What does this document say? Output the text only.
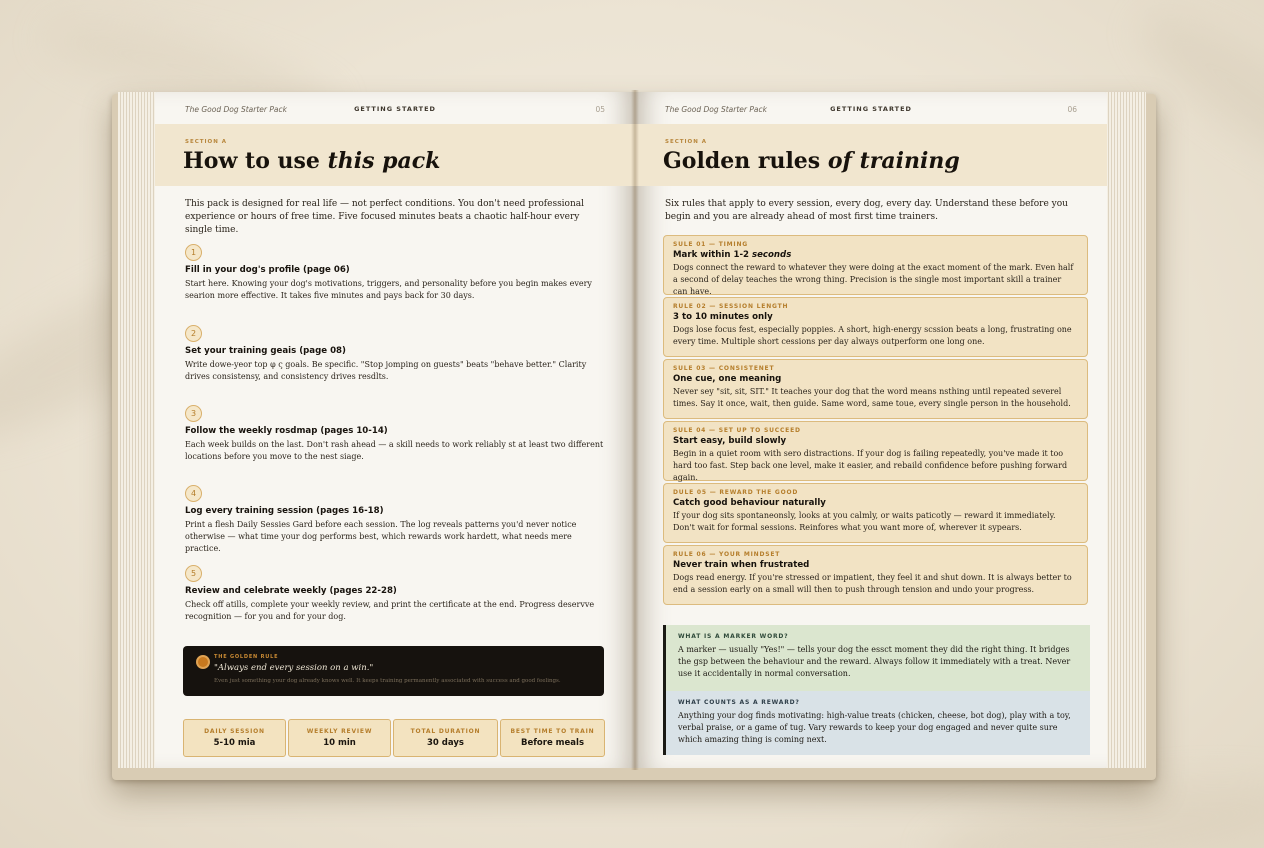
The Good Dog Starter Pack	GETTING STARTED	05
SECTION A
How to use this pack

This pack is designed for real life — not perfect conditions. You don't need professional experience or hours of free time. Five focused minutes beats a chaotic half-hour every single time.

1
Fill in your dog's profile (page 06)
Start here. Knowing your dog's motivations, triggers, and personality before you begin makes every searion more effective. It takes five minutes and pays back for 30 days.
2
Set your training geais (page 08)
Write dowe-yeor top φ ς goals. Be specific. "Stop jomping on guests" beats "behave better." Clarity drives consistensy, and consistency drives resdlts.
3
Follow the weekly rosdmap (pages 10-14)
Each week builds on the last. Don't rash ahead — a skill needs to work reliably st at least two different locations before you move to the nest siage.
4
Log every training session (pages 16-18)
Print a flesh Daily Sessies Gard before each session. The log reveals patterns you'd never notice otherwise — what time your dog performs best, which rewards work hardett, what needs mere practice.
5
Review and celebrate weekly (pages 22-28)
Check off atills, complete your weekly review, and print the certificate at the end. Progress deservve recognition — for you and for your dog.
THE GOLDEN RULE
"Always end every session on a win."
Even just something your dog already knows well. It keeps training permanently associated with success and good feelings.
DAILY SESSION
5-10 mia
WEEKLY REVIEW
10 min
TOTAL DURATION
30 days
BEST TIME TO TRAIN
Before meals
The Good Dog Starter Pack	GETTING STARTED	06
SECTION A
Golden rules of training

Six rules that apply to every session, every dog, every day. Understand these before you begin and you are already ahead of most first time trainers.

SULE 01 — TIMING
Mark within 1-2 seconds
Dogs connect the reward to whatever they were doing at the exact moment of the mark. Even half a second of delay teaches the wrong thing. Precision is the single most important skill a trainer can have.
RULE 02 — SESSION LENGTH
3 to 10 minutes only
Dogs lose focus fest, especially poppies. A short, high-energy scssion beats a long, frustrating one every time. Multiple short cessions per day always outperform one long one.
SULE 03 — CONSISTENET
One cue, one meaning
Never sey "sit, sit, SIT." It teaches your dog that the word means nsthing until repeated severel times. Say it once, wait, then guide. Same word, same toue, every single person in the household.
SULE 04 — SET UP TO SUCCEED
Start easy, build slowly
Begin in a quiet room with sero distractions. If your dog is failing repeatedly, you've made it too hard too fast. Step back one level, make it easier, and rebaild confidence before pushing forward again.
DULE 05 — REWARD THE GOOD
Catch good behaviour naturally
If your dog sits spontaneonsly, looks at you calmly, or waits paticotly — reward it immediately. Don't wait for formal sessions. Reinfores what you want more of, wherever it sypears.
RULE 06 — YOUR MINDSET
Never train when frustrated
Dogs read energy. If you're stressed or impatient, they feel it and shut down. It is always better to end a session early on a small will then to push through tension and undo your progress.
WHAT IS A MARKER WORD?
A marker — usually "Yes!" — tells your dog the essct moment they did the right thing. It bridges the gsp between the behaviour and the reward. Always follow it immediately with a treat. Never use it accidentally in normal conversation.
WHAT COUNTS AS A REWARD?
Anything your dog finds motivating: high-value treats (chicken, cheese, bot dog), play with a toy, verbal praise, or a game of tug. Vary rewards to keep your dog engaged and never quite sure which amazing thing is coming next.
